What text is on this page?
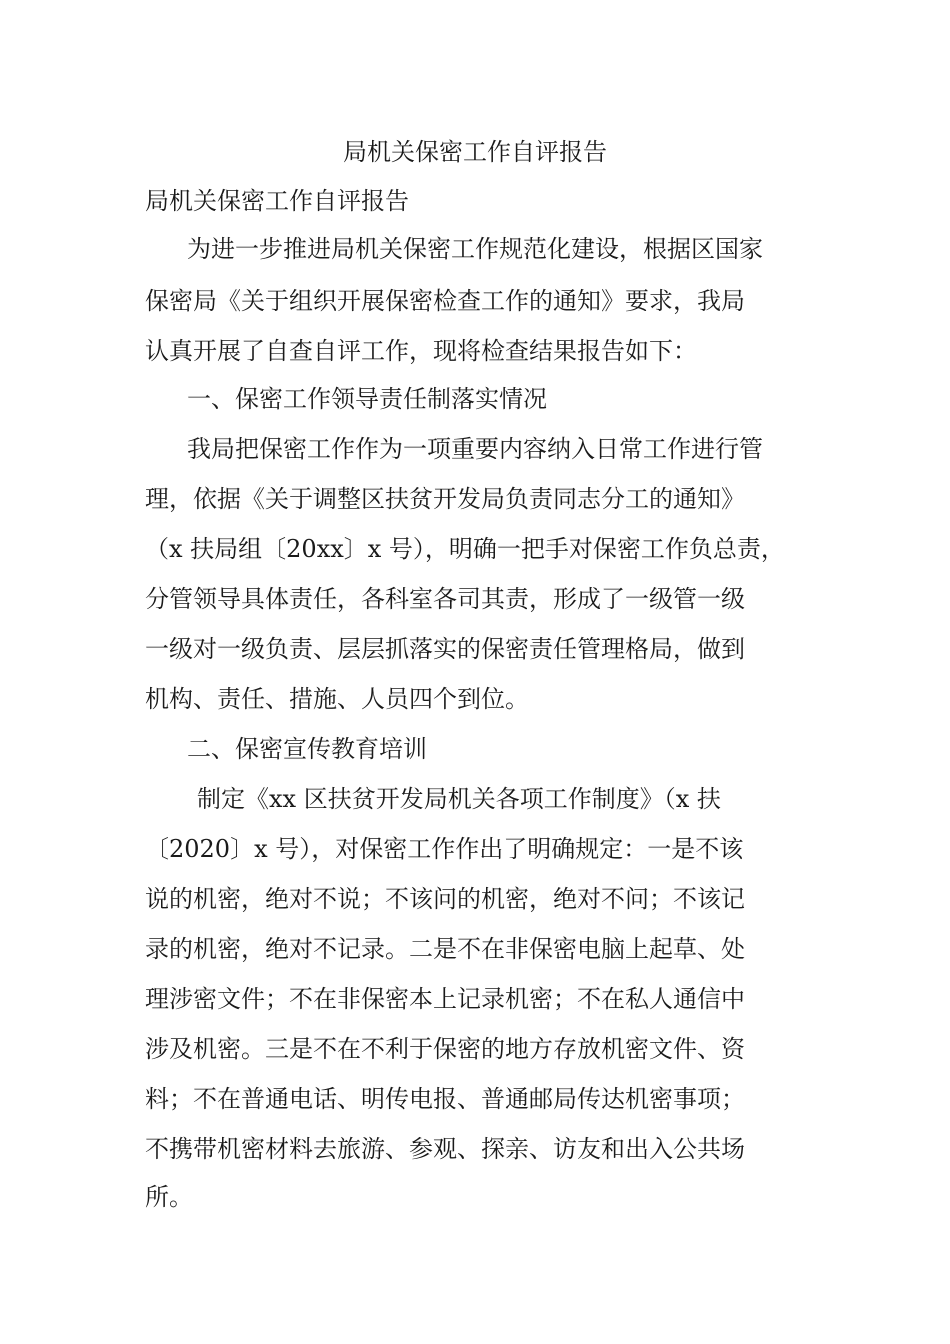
局机关保密工作自评报告
局机关保密工作自评报告
为进一步推进局机关保密工作规范化建设，根据区国家
保密局《关于组织开展保密检查工作的通知》要求，我局
认真开展了自查自评工作，现将检查结果报告如下：
一、保密工作领导责任制落实情况
我局把保密工作作为一项重要内容纳入日常工作进行管
理，依据《关于调整区扶贫开发局负责同志分工的通知》
（x 扶局组〔20xx〕x 号），明确一把手对保密工作负总责，
分管领导具体责任，各科室各司其责，形成了一级管一级
一级对一级负责、层层抓落实的保密责任管理格局，做到
机构、责任、措施、人员四个到位。
二、保密宣传教育培训
制定《xx 区扶贫开发局机关各项工作制度》（x 扶
〔2020〕x 号），对保密工作作出了明确规定：一是不该
说的机密，绝对不说；不该问的机密，绝对不问；不该记
录的机密，绝对不记录。二是不在非保密电脑上起草、处
理涉密文件；不在非保密本上记录机密；不在私人通信中
涉及机密。三是不在不利于保密的地方存放机密文件、资
料；不在普通电话、明传电报、普通邮局传达机密事项；
不携带机密材料去旅游、参观、探亲、访友和出入公共场
所。
